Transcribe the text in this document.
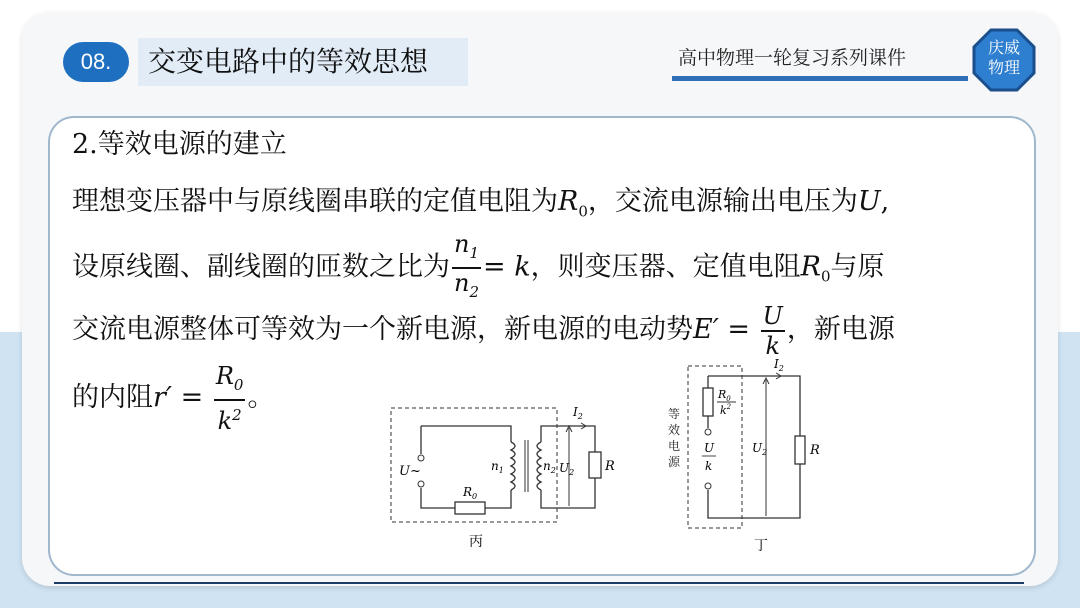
08.	交变电路中的等效思想	高中物理一轮复习系列课件	庆威
物理
2.等效电源的建立
理想变压器中与原线圈串联的定值电阻为$R_0$，交流电源输出电压为U,
设原线圈、副线圈的匝数之比为 $\frac{n_1}{n_2} = k$，则变压器、定值电阻$R_0$与原
交流电源整体可等效为一个新电源，新电源的电动势$E' = \frac{U}{k}$ ，新电源
的内阻$r' = \frac{R_0}{k^2}$ 。
U~	$n_1$	$n_2$ $U_2$
$I_2$
R
$R_0$
丙
$R_0$
$k^2$
U
k
$U_2$
$I_2$
R
等
效
电
源
丁
